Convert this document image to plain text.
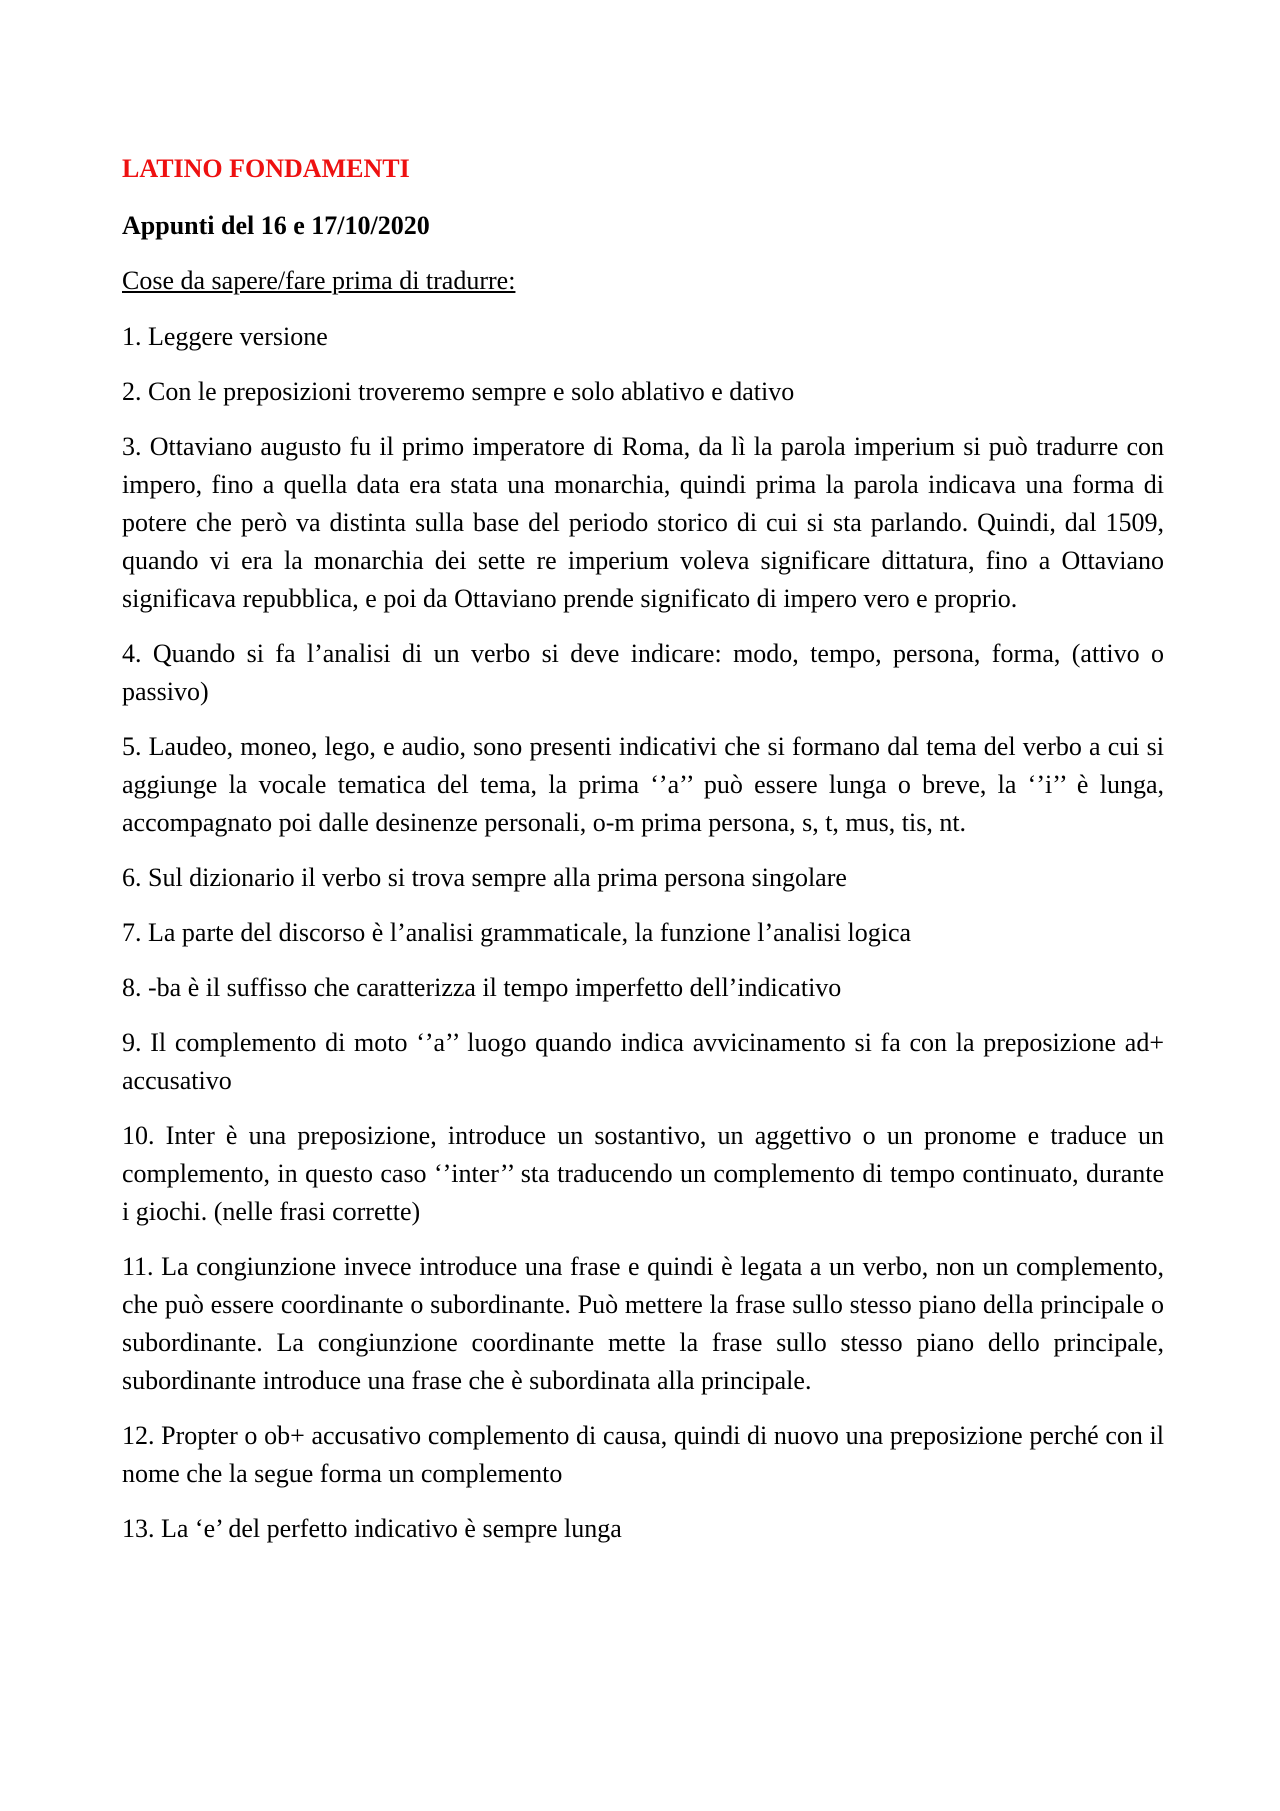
LATINO FONDAMENTI
Appunti del 16 e 17/10/2020
Cose da sapere/fare prima di tradurre:
1. Leggere versione
2. Con le preposizioni troveremo sempre e solo ablativo e dativo
3. Ottaviano augusto fu il primo imperatore di Roma, da lì la parola imperium si può tradurre con impero, fino a quella data era stata una monarchia, quindi prima la parola indicava una forma di potere che però va distinta sulla base del periodo storico di cui si sta parlando. Quindi, dal 1509, quando vi era la monarchia dei sette re imperium voleva significare dittatura, fino a Ottaviano significava repubblica, e poi da Ottaviano prende significato di impero vero e proprio.
4. Quando si fa l’analisi di un verbo si deve indicare: modo, tempo, persona, forma, (attivo o passivo)
5. Laudeo, moneo, lego, e audio, sono presenti indicativi che si formano dal tema del verbo a cui si aggiunge la vocale tematica del tema, la prima ‘’a’’ può essere lunga o breve, la ‘’i’’ è lunga, accompagnato poi dalle desinenze personali, o-m prima persona, s, t, mus, tis, nt.
6. Sul dizionario il verbo si trova sempre alla prima persona singolare
7. La parte del discorso è l’analisi grammaticale, la funzione l’analisi logica
8. -ba è il suffisso che caratterizza il tempo imperfetto dell’indicativo
9. Il complemento di moto ‘’a’’ luogo quando indica avvicinamento si fa con la preposizione ad+ accusativo
10. Inter è una preposizione, introduce un sostantivo, un aggettivo o un pronome e traduce un complemento, in questo caso ‘’inter’’ sta traducendo un complemento di tempo continuato, durante i giochi. (nelle frasi corrette)
11. La congiunzione invece introduce una frase e quindi è legata a un verbo, non un complemento, che può essere coordinante o subordinante. Può mettere la frase sullo stesso piano della principale o subordinante. La congiunzione coordinante mette la frase sullo stesso piano dello principale, subordinante introduce una frase che è subordinata alla principale.
12. Propter o ob+ accusativo complemento di causa, quindi di nuovo una preposizione perché con il nome che la segue forma un complemento
13. La ‘e’ del perfetto indicativo è sempre lunga
